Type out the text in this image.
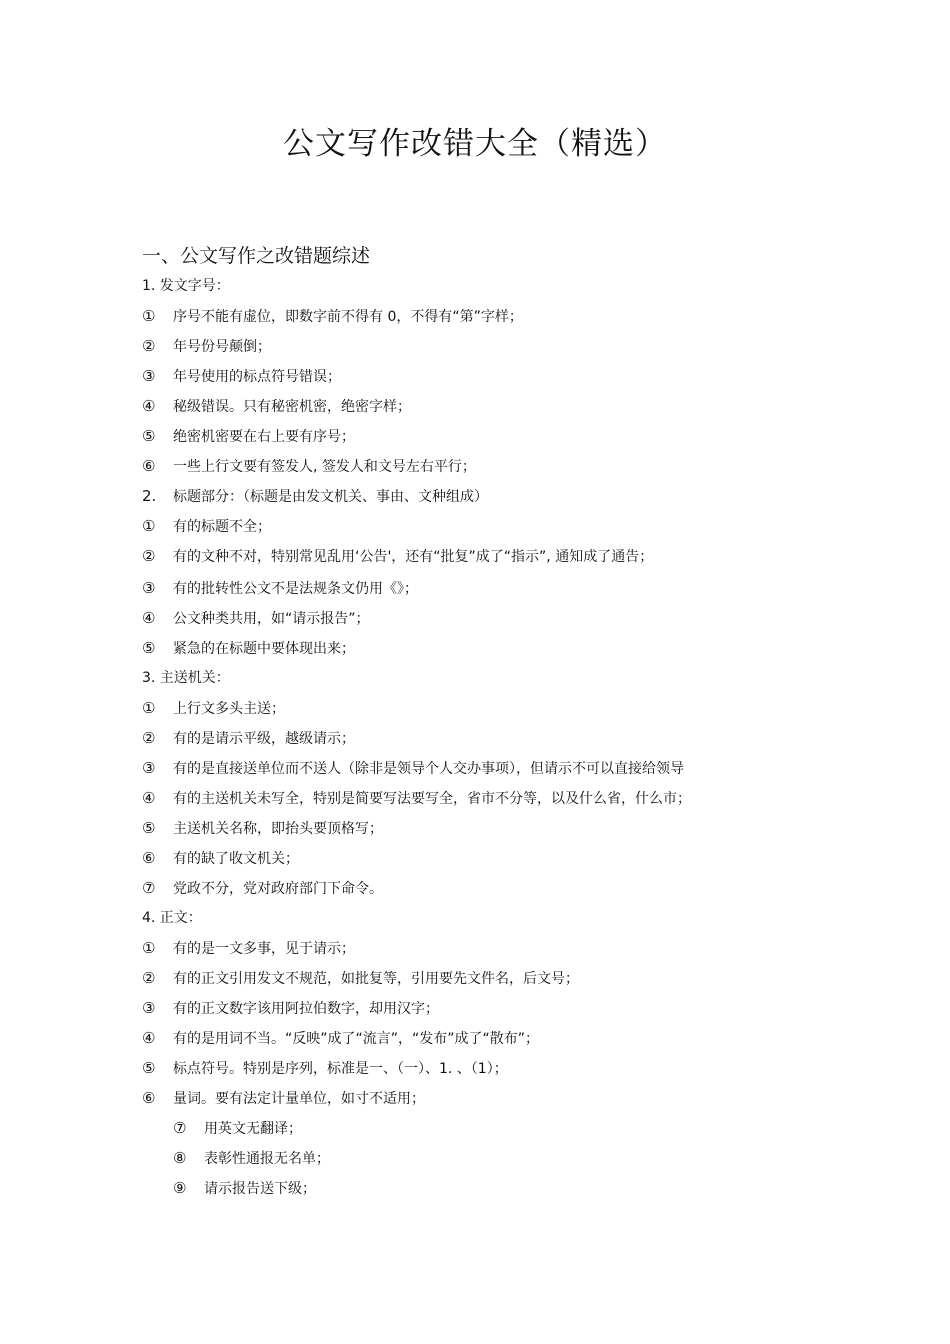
公文写作改错大全（精选）
一、公文写作之改错题综述
1. 发文字号：
① 序号不能有虚位，即数字前不得有 0，不得有“第”字样；
② 年号份号颠倒；
③ 年号使用的标点符号错误；
④ 秘级错误。只有秘密机密，绝密字样；
⑤ 绝密机密要在右上要有序号；
⑥ 一些上行文要有签发人, 签发人和文号左右平行；
2. 标题部分：（标题是由发文机关、事由、文种组成）
① 有的标题不全；
② 有的文种不对，特别常见乱用‘公告'，还有“批复”成了“指示”, 通知成了通告；
③ 有的批转性公文不是法规条文仍用《》；
④ 公文种类共用，如“请示报告”；
⑤ 紧急的在标题中要体现出来；
3. 主送机关：
① 上行文多头主送；
② 有的是请示平级，越级请示；
③ 有的是直接送单位而不送人（除非是领导个人交办事项），但请示不可以直接给领导
④ 有的主送机关未写全，特别是简要写法要写全，省市不分等，以及什么省，什么市；
⑤ 主送机关名称，即抬头要顶格写；
⑥ 有的缺了收文机关；
⑦ 党政不分，党对政府部门下命令。
4. 正文：
① 有的是一文多事，见于请示；
② 有的正文引用发文不规范，如批复等，引用要先文件名，后文号；
③ 有的正文数字该用阿拉伯数字，却用汉字；
④ 有的是用词不当。“反映”成了“流言”，“发布”成了“散布”；
⑤ 标点符号。特别是序列，标准是一、（一）、1. 、（1）；
⑥ 量词。要有法定计量单位，如寸不适用；
⑦ 用英文无翻译；
⑧ 表彰性通报无名单；
⑨ 请示报告送下级；
